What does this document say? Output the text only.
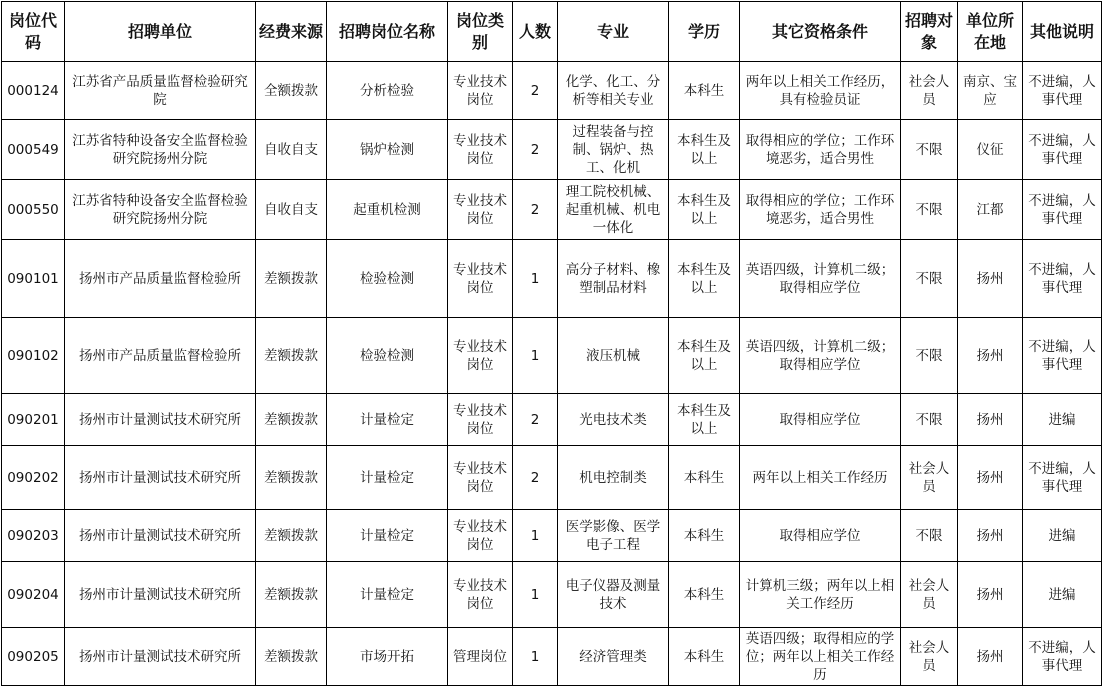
岗位代码	招聘单位	经费来源	招聘岗位名称	岗位类别	人数	专业	学历	其它资格条件	招聘对象	单位所在地	其他说明
000124	江苏省产品质量监督检验研究院	全额拨款	分析检验	专业技术岗位	2	化学、化工、分析等相关专业	本科生	两年以上相关工作经历，具有检验员证	社会人员	南京、宝应	不进编，人事代理
000549	江苏省特种设备安全监督检验研究院扬州分院	自收自支	锅炉检测	专业技术岗位	2	过程装备与控制、锅炉、热工、化机	本科生及以上	取得相应的学位；工作环境恶劣，适合男性	不限	仪征	不进编，人事代理
000550	江苏省特种设备安全监督检验研究院扬州分院	自收自支	起重机检测	专业技术岗位	2	理工院校机械、起重机械、机电一体化	本科生及以上	取得相应的学位；工作环境恶劣，适合男性	不限	江都	不进编，人事代理
090101	扬州市产品质量监督检验所	差额拨款	检验检测	专业技术岗位	1	高分子材料、橡塑制品材料	本科生及以上	英语四级，计算机二级；取得相应学位	不限	扬州	不进编，人事代理
090102	扬州市产品质量监督检验所	差额拨款	检验检测	专业技术岗位	1	液压机械	本科生及以上	英语四级，计算机二级；取得相应学位	不限	扬州	不进编，人事代理
090201	扬州市计量测试技术研究所	差额拨款	计量检定	专业技术岗位	2	光电技术类	本科生及以上	取得相应学位	不限	扬州	进编
090202	扬州市计量测试技术研究所	差额拨款	计量检定	专业技术岗位	2	机电控制类	本科生	两年以上相关工作经历	社会人员	扬州	不进编，人事代理
090203	扬州市计量测试技术研究所	差额拨款	计量检定	专业技术岗位	1	医学影像、医学电子工程	本科生	取得相应学位	不限	扬州	进编
090204	扬州市计量测试技术研究所	差额拨款	计量检定	专业技术岗位	1	电子仪器及测量技术	本科生	计算机三级；两年以上相关工作经历	社会人员	扬州	进编
090205	扬州市计量测试技术研究所	差额拨款	市场开拓	管理岗位	1	经济管理类	本科生	英语四级；取得相应的学位；两年以上相关工作经历	社会人员	扬州	不进编，人事代理
